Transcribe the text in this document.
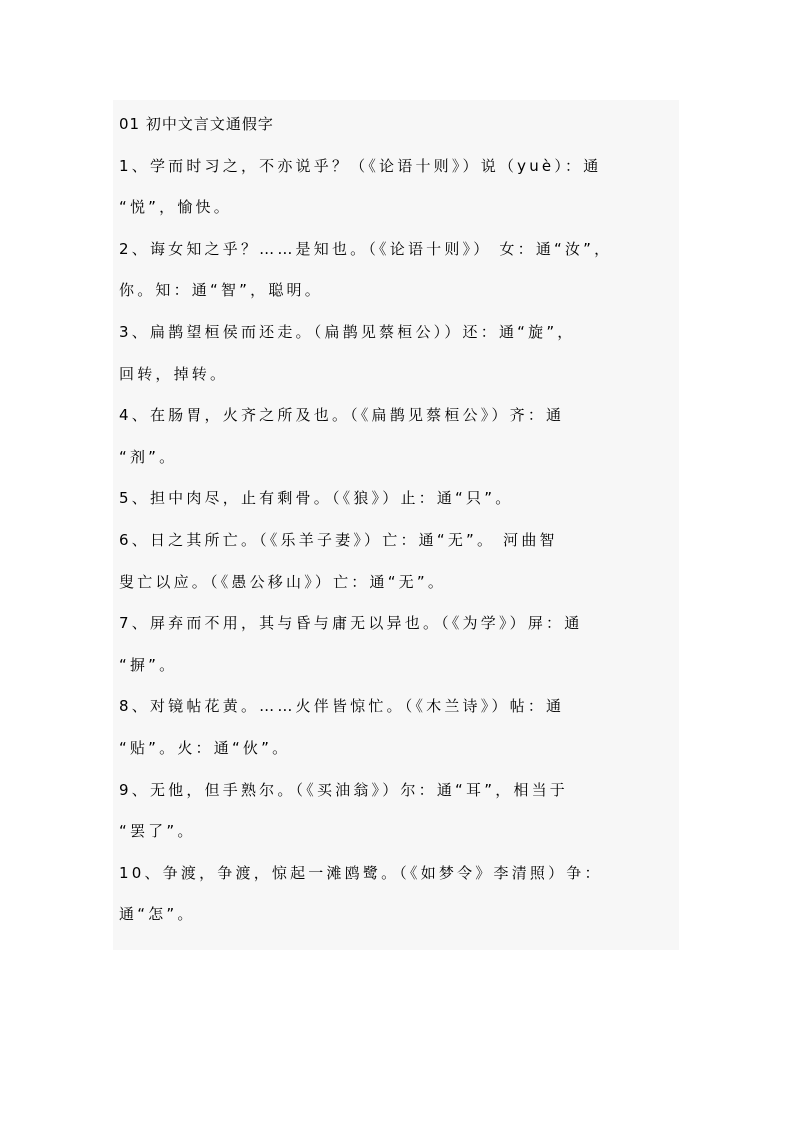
01 初中文言文通假字
1、学而时习之，不亦说乎？（《论语十则》）说（yuè）：通
“悦”，愉快。
2、诲女知之乎？……是知也。（《论语十则》） 女：通“汝”，
你。知：通“智”，聪明。
3、扁鹊望桓侯而还走。（扁鹊见蔡桓公））还：通“旋”，
回转，掉转。
4、在肠胃，火齐之所及也。（《扁鹊见蔡桓公》）齐：通
“剂”。
5、担中肉尽，止有剩骨。（《狼》）止：通“只”。
6、日之其所亡。（《乐羊子妻》）亡：通“无”。 河曲智
叟亡以应。（《愚公移山》）亡：通“无”。
7、屏弃而不用，其与昏与庸无以异也。（《为学》）屏：通
“摒”。
8、对镜帖花黄。……火伴皆惊忙。（《木兰诗》）帖：通
“贴”。火：通“伙”。
9、无他，但手熟尔。（《买油翁》）尔：通“耳”，相当于
“罢了”。
10、争渡，争渡，惊起一滩鸥鹭。（《如梦令》李清照）争：
通“怎”。
